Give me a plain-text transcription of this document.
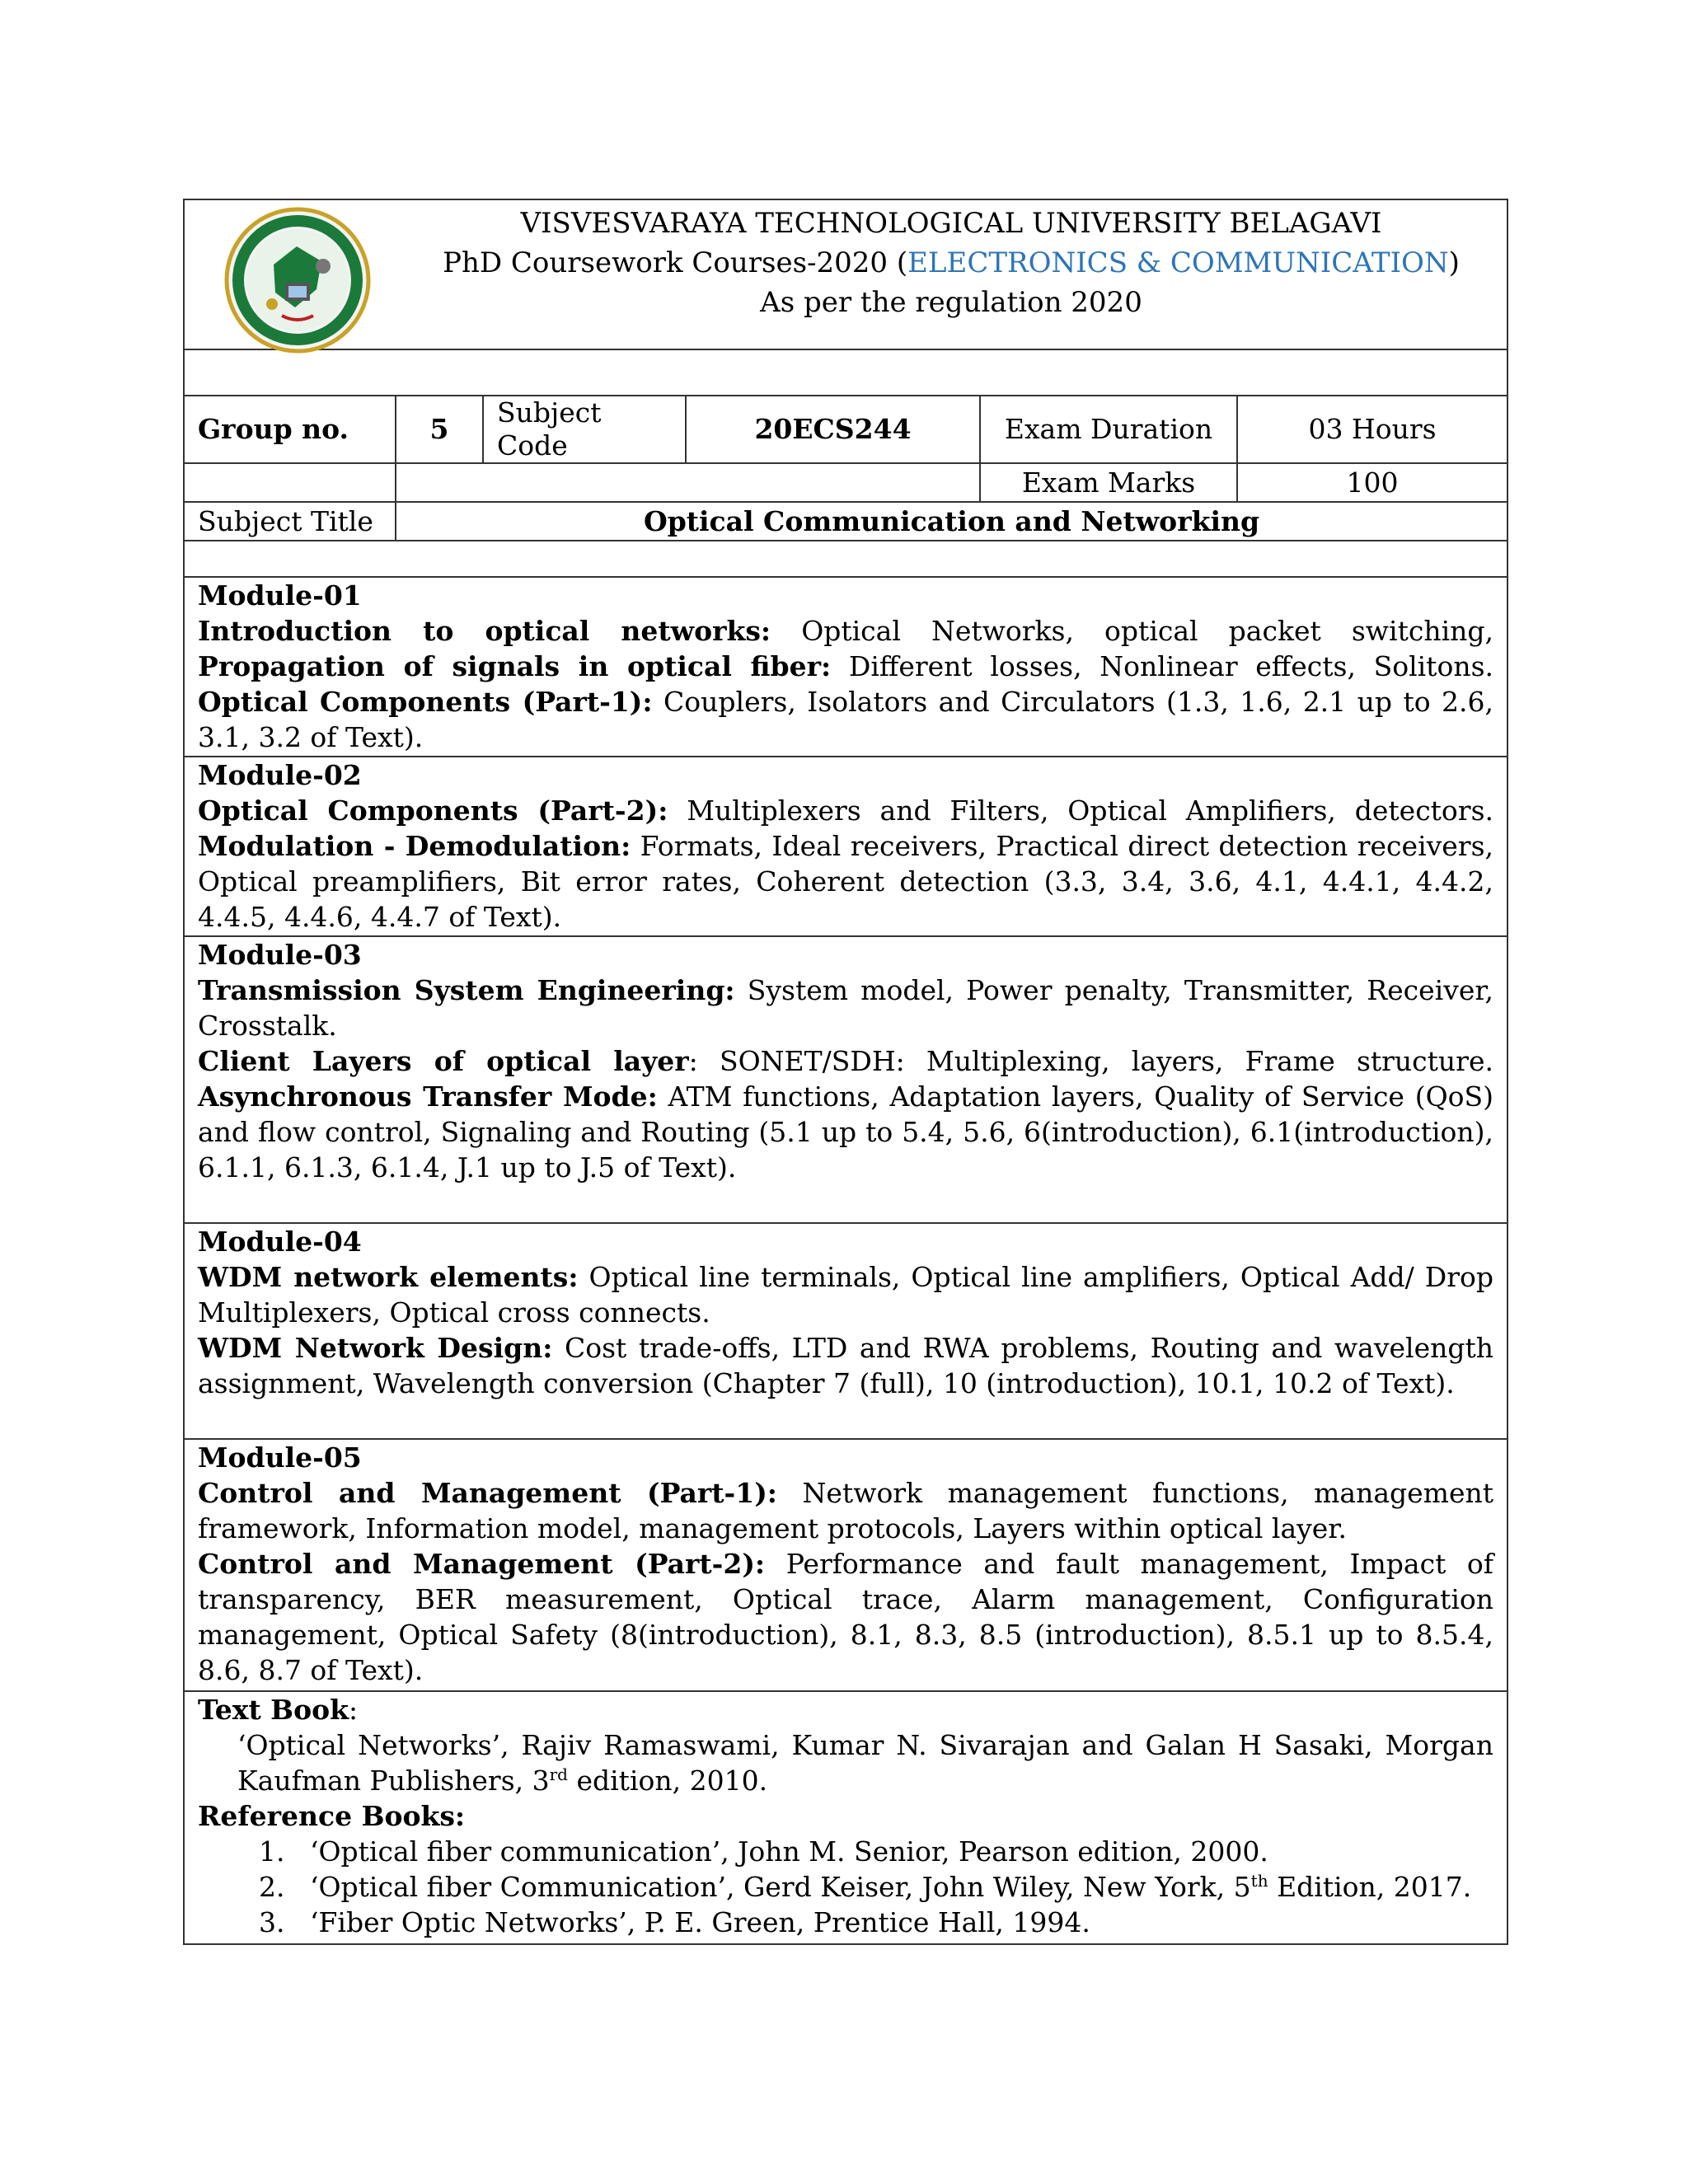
VISVESVARAYA TECHNOLOGICAL UNIVERSITY BELAGAVI
PhD Coursework Courses-2020 (ELECTRONICS & COMMUNICATION)
As per the regulation 2020
Group no.	5	Subject Code	20ECS244	Exam Duration	03 Hours
				Exam Marks	100
Subject Title	Optical Communication and Networking				
Module-01

Introduction to optical networks: Optical Networks, optical packet switching, Propagation of signals in optical fiber: Different losses, Nonlinear effects, Solitons. Optical Components (Part-1): Couplers, Isolators and Circulators (1.3, 1.6, 2.1 up to 2.6, 3.1, 3.2 of Text).

Module-02

Optical Components (Part-2): Multiplexers and Filters, Optical Amplifiers, detectors. Modulation - Demodulation: Formats, Ideal receivers, Practical direct detection receivers, Optical preamplifiers, Bit error rates, Coherent detection (3.3, 3.4, 3.6, 4.1, 4.4.1, 4.4.2, 4.4.5, 4.4.6, 4.4.7 of Text).

Module-03

Transmission System Engineering: System model, Power penalty, Transmitter, Receiver, Crosstalk.

Client Layers of optical layer: SONET/SDH: Multiplexing, layers, Frame structure. Asynchronous Transfer Mode: ATM functions, Adaptation layers, Quality of Service (QoS) and flow control, Signaling and Routing (5.1 up to 5.4, 5.6, 6(introduction), 6.1(introduction), 6.1.1, 6.1.3, 6.1.4, J.1 up to J.5 of Text).

Module-04

WDM network elements: Optical line terminals, Optical line amplifiers, Optical Add/ Drop Multiplexers, Optical cross connects.

WDM Network Design: Cost trade-offs, LTD and RWA problems, Routing and wavelength assignment, Wavelength conversion (Chapter 7 (full), 10 (introduction), 10.1, 10.2 of Text).

Module-05

Control and Management (Part-1): Network management functions, management framework, Information model, management protocols, Layers within optical layer.

Control and Management (Part-2): Performance and fault management, Impact of transparency, BER measurement, Optical trace, Alarm management, Configuration management, Optical Safety (8(introduction), 8.1, 8.3, 8.5 (introduction), 8.5.1 up to 8.5.4, 8.6, 8.7 of Text).

Text Book:

‘Optical Networks’, Rajiv Ramaswami, Kumar N. Sivarajan and Galan H Sasaki, Morgan Kaufman Publishers, 3rd edition, 2010.

Reference Books:

1. ‘Optical fiber communication’, John M. Senior, Pearson edition, 2000.
2. ‘Optical fiber Communication’, Gerd Keiser, John Wiley, New York, 5th Edition, 2017.
3. ‘Fiber Optic Networks’, P. E. Green, Prentice Hall, 1994.
